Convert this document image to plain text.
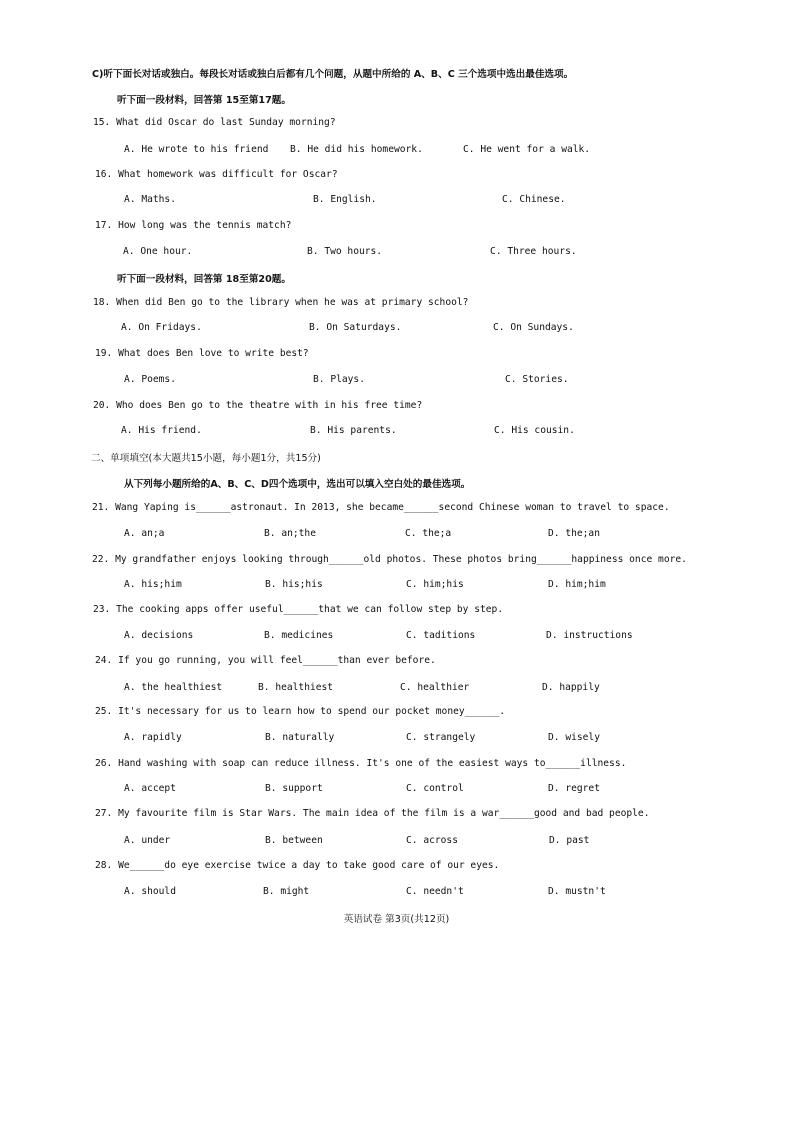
C)听下面长对话或独白。每段长对话或独白后都有几个问题，从题中所给的 A、B、C 三个选项中选出最佳选项。
听下面一段材料，回答第 15至第17题。
15. What did Oscar do last Sunday morning?
A. He wrote to his friend B. He did his homework.	C. He went for a walk.
16. What homework was difficult for Oscar?
A. Maths.	B. English.	C. Chinese.
17. How long was the tennis match?
A. One hour.	B. Two hours.	C. Three hours.
听下面一段材料，回答第 18至第20题。
18. When did Ben go to the library when he was at primary school?
A. On Fridays.	B. On Saturdays.	C. On Sundays.
19. What does Ben love to write best?
A. Poems.	B. Plays.	C. Stories.
20. Who does Ben go to the theatre with in his free time?
A. His friend.	B. His parents.	C. His cousin.
二、单项填空(本大题共15小题，每小题1分，共15分)
从下列每小题所给的A、B、C、D四个选项中，选出可以填入空白处的最佳选项。
21. Wang Yaping is______astronaut. In 2013, she became______second Chinese woman to travel to space.
A. an;a	B. an;the	C. the;a	D. the;an
22. My grandfather enjoys looking through______old photos. These photos bring______happiness once more.
A. his;him	B. his;his	C. him;his	D. him;him
23. The cooking apps offer useful______that we can follow step by step.
A. decisions	B. medicines	C. taditions	D. instructions
24. If you go running, you will feel______than ever before.
A. the healthiest	B. healthiest	C. healthier	D. happily
25. It's necessary for us to learn how to spend our pocket money______.
A. rapidly	B. naturally	C. strangely	D. wisely
26. Hand washing with soap can reduce illness. It's one of the easiest ways to______illness.
A. accept	B. support	C. control	D. regret
27. My favourite film is Star Wars. The main idea of the film is a war______good and bad people.
A. under	B. between	C. across	D. past
28. We______do eye exercise twice a day to take good care of our eyes.
A. should	B. might	C. needn't	D. mustn't
英语试卷 第3页(共12页)
